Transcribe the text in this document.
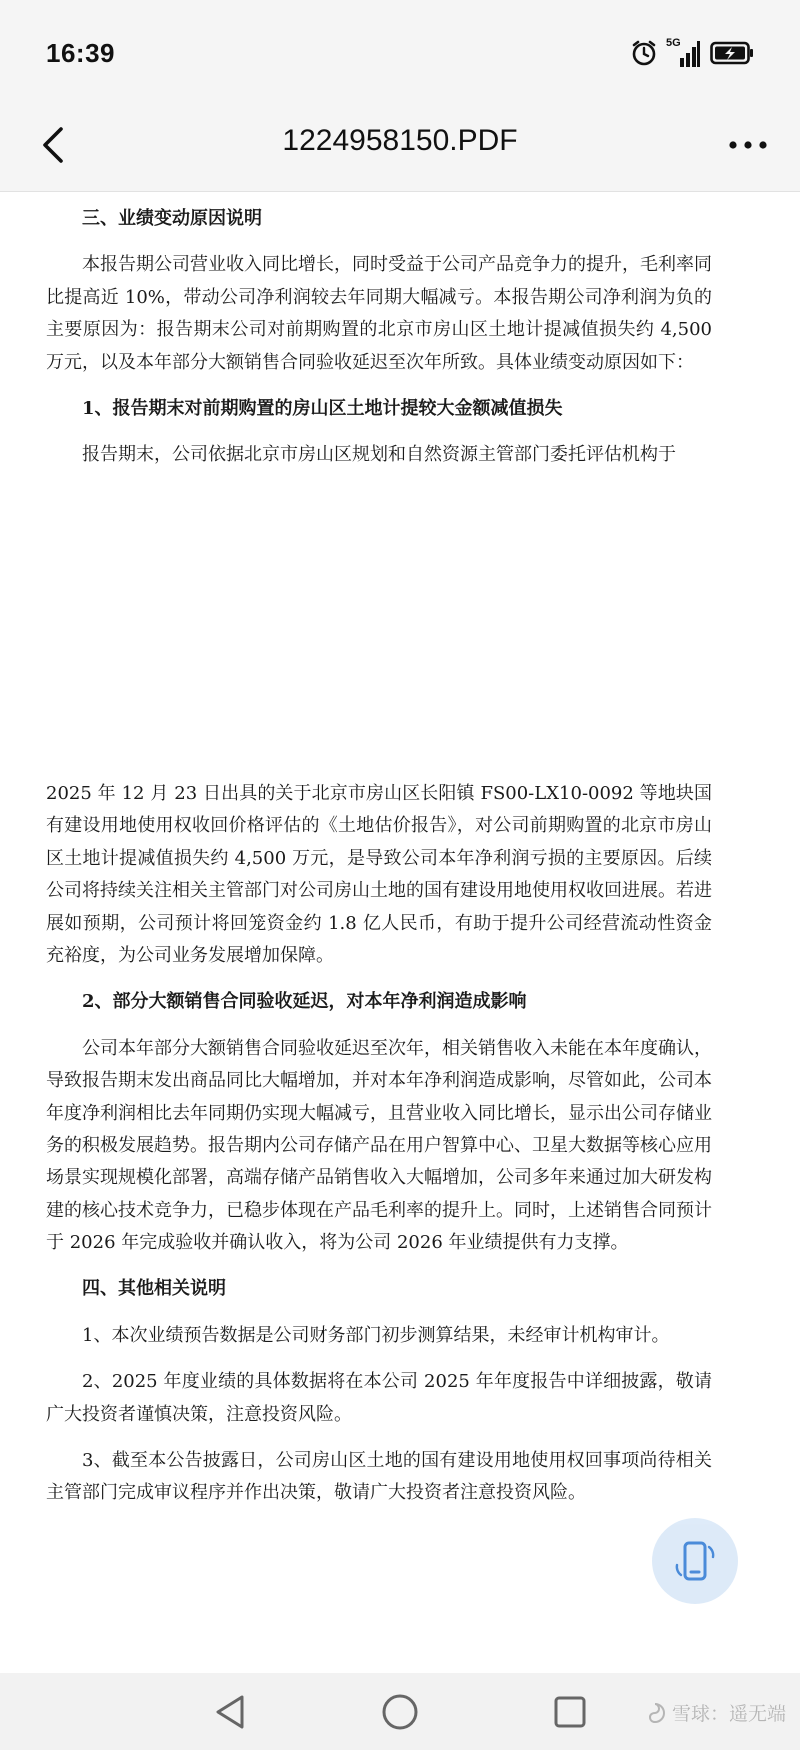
16:39	5G
1224958150.PDF

三、业绩变动原因说明

本报告期公司营业收入同比增长，同时受益于公司产品竞争力的提升，毛利率同比提高近 10%，带动公司净利润较去年同期大幅减亏。本报告期公司净利润为负的主要原因为：报告期末公司对前期购置的北京市房山区土地计提减值损失约 4,500 万元，以及本年部分大额销售合同验收延迟至次年所致。具体业绩变动原因如下：

1、报告期末对前期购置的房山区土地计提较大金额减值损失

报告期末，公司依据北京市房山区规划和自然资源主管部门委托评估机构于

2025 年 12 月 23 日出具的关于北京市房山区长阳镇 FS00-LX10-0092 等地块国有建设用地使用权收回价格评估的《土地估价报告》，对公司前期购置的北京市房山区土地计提减值损失约 4,500 万元，是导致公司本年净利润亏损的主要原因。后续公司将持续关注相关主管部门对公司房山土地的国有建设用地使用权收回进展。若进展如预期，公司预计将回笼资金约 1.8 亿人民币，有助于提升公司经营流动性资金充裕度，为公司业务发展增加保障。

2、部分大额销售合同验收延迟，对本年净利润造成影响

公司本年部分大额销售合同验收延迟至次年，相关销售收入未能在本年度确认，导致报告期末发出商品同比大幅增加，并对本年净利润造成影响，尽管如此，公司本年度净利润相比去年同期仍实现大幅减亏，且营业收入同比增长，显示出公司存储业务的积极发展趋势。报告期内公司存储产品在用户智算中心、卫星大数据等核心应用场景实现规模化部署，高端存储产品销售收入大幅增加，公司多年来通过加大研发构建的核心技术竞争力，已稳步体现在产品毛利率的提升上。同时，上述销售合同预计于 2026 年完成验收并确认收入，将为公司 2026 年业绩提供有力支撑。

四、其他相关说明

1、本次业绩预告数据是公司财务部门初步测算结果，未经审计机构审计。

2、2025 年度业绩的具体数据将在本公司 2025 年年度报告中详细披露，敬请广大投资者谨慎决策，注意投资风险。

3、截至本公告披露日，公司房山区土地的国有建设用地使用权回事项尚待相关主管部门完成审议程序并作出决策，敬请广大投资者注意投资风险。

雪球：遥无端
